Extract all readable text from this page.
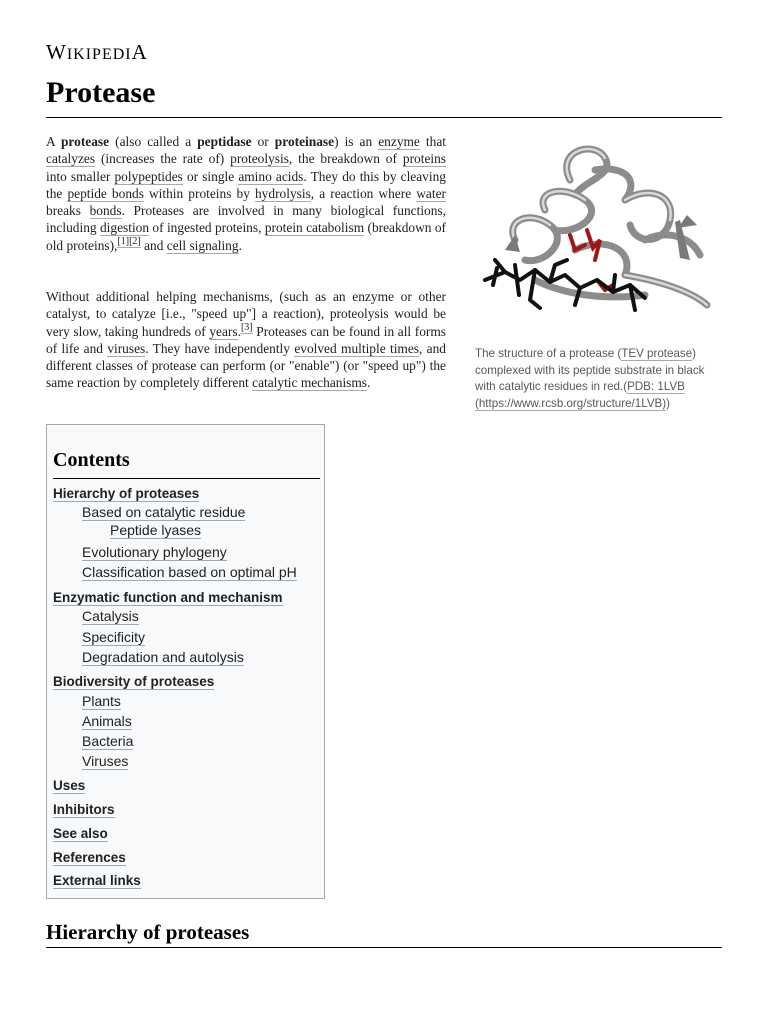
WIKIPEDIA
Protease
A protease (also called a peptidase or proteinase) is an enzyme that catalyzes (increases the rate of) proteolysis, the breakdown of proteins into smaller polypeptides or single amino acids. They do this by cleaving the peptide bonds within proteins by hydrolysis, a reaction where water breaks bonds. Proteases are involved in many biological functions, including digestion of ingested proteins, protein catabolism (breakdown of old proteins),[1][2] and cell signaling.
Without additional helping mechanisms, (such as an enzyme or other catalyst, to catalyze [i.e., "speed up"] a reaction), proteolysis would be very slow, taking hundreds of years.[3] Proteases can be found in all forms of life and viruses. They have independently evolved multiple times, and different classes of protease can perform (or "enable") (or "speed up") the same reaction by completely different catalytic mechanisms.
The structure of a protease (TEV protease) complexed with its peptide substrate in black with catalytic residues in red.(PDB: 1LVB (https://www.rcsb.org/structure/1LVB))
Contents
Hierarchy of proteases
Based on catalytic residue
Peptide lyases
Evolutionary phylogeny
Classification based on optimal pH
Enzymatic function and mechanism
Catalysis
Specificity
Degradation and autolysis
Biodiversity of proteases
Plants
Animals
Bacteria
Viruses
Uses
Inhibitors
See also
References
External links
Hierarchy of proteases
